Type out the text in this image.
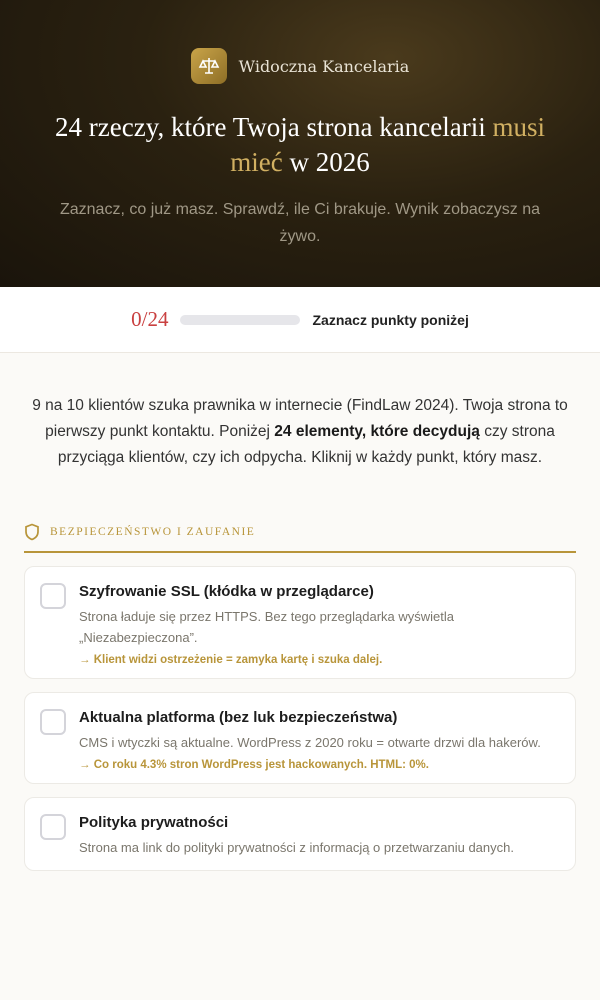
Widoczna Kancelaria
24 rzeczy, które Twoja strona kancelarii musi mieć w 2026

Zaznacz, co już masz. Sprawdź, ile Ci brakuje. Wynik zobaczysz na żywo.

0/24	Zaznacz punkty poniżej

9 na 10 klientów szuka prawnika w internecie (FindLaw 2024). Twoja strona to pierwszy punkt kontaktu. Poniżej 24 elementy, które decydują czy strona przyciąga klientów, czy ich odpycha. Kliknij w każdy punkt, który masz.

BEZPIECZEŃSTWO I ZAUFANIE
Szyfrowanie SSL (kłódka w przeglądarce)
Strona ładuje się przez HTTPS. Bez tego przeglądarka wyświetla „Niezabezpieczona”.
→ Klient widzi ostrzeżenie = zamyka kartę i szuka dalej.
Aktualna platforma (bez luk bezpieczeństwa)
CMS i wtyczki są aktualne. WordPress z 2020 roku = otwarte drzwi dla hakerów.
→ Co roku 4.3% stron WordPress jest hackowanych. HTML: 0%.
Polityka prywatności
Strona ma link do polityki prywatności z informacją o przetwarzaniu danych.
